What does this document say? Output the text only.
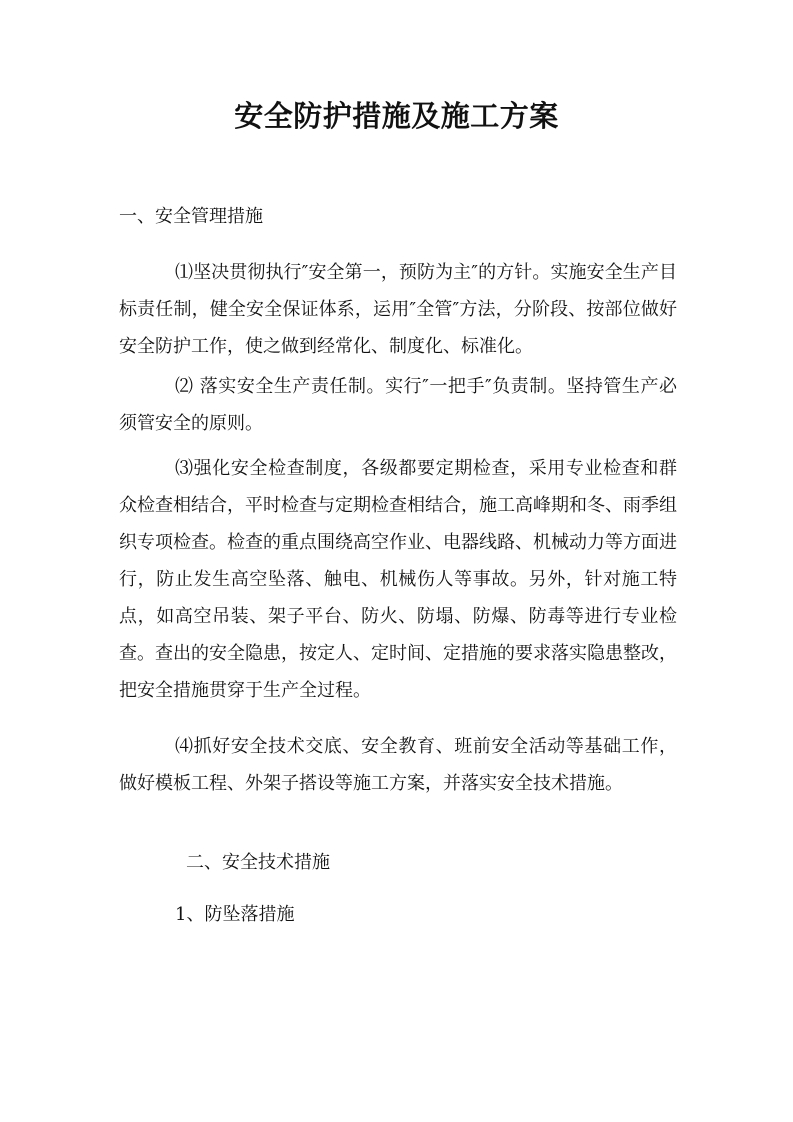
安全防护措施及施工方案
一、安全管理措施

⑴坚决贯彻执行″安全第一，预防为主″的方针。实施安全生产目标责任制，健全安全保证体系，运用″全管″方法，分阶段、按部位做好安全防护工作，使之做到经常化、制度化、标准化。

⑵ 落实安全生产责任制。实行″一把手″负责制。坚持管生产必须管安全的原则。

⑶强化安全检查制度，各级都要定期检查，采用专业检查和群众检查相结合，平时检查与定期检查相结合，施工高峰期和冬、雨季组织专项检查。检查的重点围绕高空作业、电器线路、机械动力等方面进行，防止发生高空坠落、触电、机械伤人等事故。另外，针对施工特点，如高空吊装、架子平台、防火、防塌、防爆、防毒等进行专业检查。查出的安全隐患，按定人、定时间、定措施的要求落实隐患整改，把安全措施贯穿于生产全过程。

⑷抓好安全技术交底、安全教育、班前安全活动等基础工作，做好模板工程、外架子搭设等施工方案，并落实安全技术措施。

二、安全技术措施
1、防坠落措施
